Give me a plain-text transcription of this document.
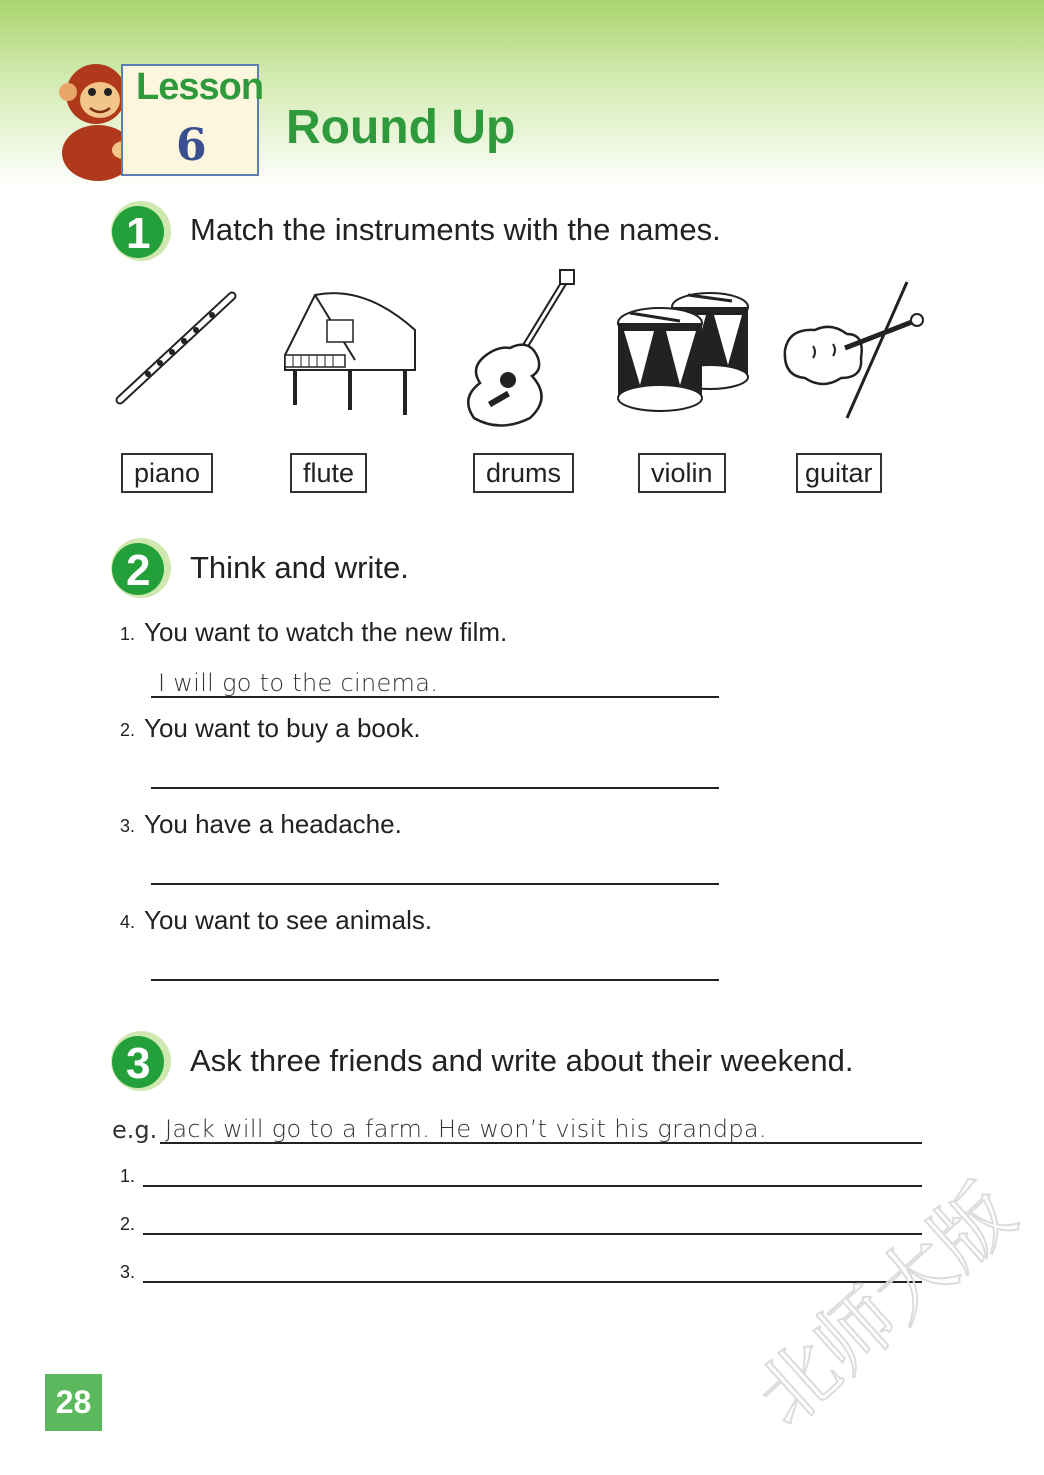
Lesson
6 Round Up
1 Match the instruments with the names.
piano	flute	drums	violin	guitar
2 Think and write.
1. You want to watch the new film.
I will go to the cinema.
2. You want to buy a book.
3. You have a headache.
4. You want to see animals.
3 Ask three friends and write about their weekend.
e.g. Jack will go to a farm. He won’t visit his grandpa.
1.
2.
3.	北师大版
28
